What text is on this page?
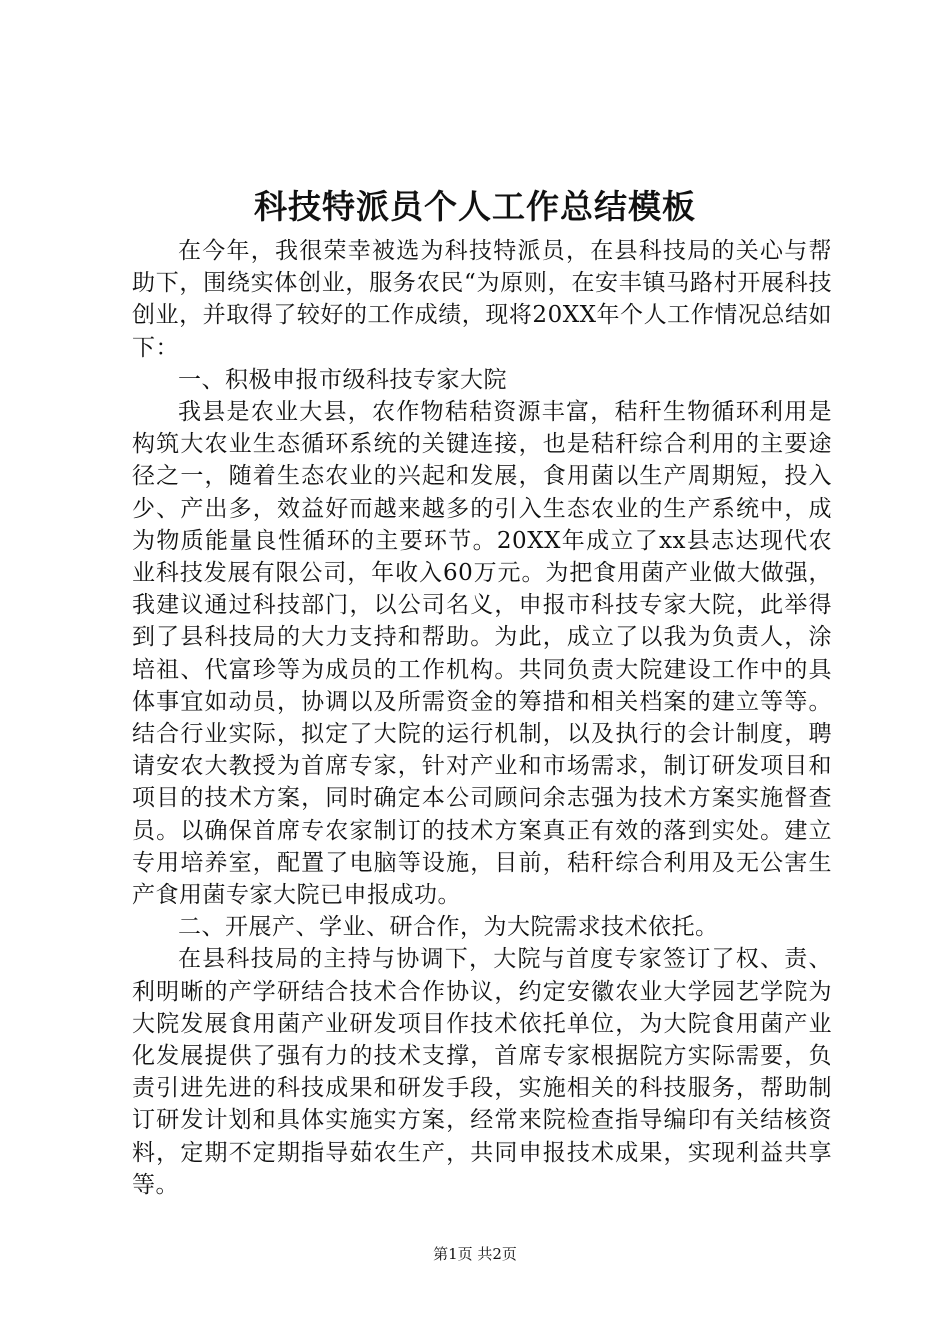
科技特派员个人工作总结模板

在今年，我很荣幸被选为科技特派员，在县科技局的关心与帮助下，围绕实体创业，服务农民“为原则，在安丰镇马路村开展科技创业，并取得了较好的工作成绩，现将20XX年个人工作情况总结如下：

一、积极申报市级科技专家大院

我县是农业大县，农作物秸秸资源丰富，秸秆生物循环利用是构筑大农业生态循环系统的关键连接，也是秸秆综合利用的主要途径之一，随着生态农业的兴起和发展，食用菌以生产周期短，投入少、产出多，效益好而越来越多的引入生态农业的生产系统中，成为物质能量良性循环的主要环节。20XX年成立了xx县志达现代农业科技发展有限公司，年收入60万元。为把食用菌产业做大做强，我建议通过科技部门，以公司名义，申报市科技专家大院，此举得到了县科技局的大力支持和帮助。为此，成立了以我为负责人，涂培祖、代富珍等为成员的工作机构。共同负责大院建设工作中的具体事宜如动员，协调以及所需资金的筹措和相关档案的建立等等。结合行业实际，拟定了大院的运行机制，以及执行的会计制度，聘请安农大教授为首席专家，针对产业和市场需求，制订研发项目和项目的技术方案，同时确定本公司顾问余志强为技术方案实施督查员。以确保首席专农家制订的技术方案真正有效的落到实处。建立专用培养室，配置了电脑等设施，目前，秸秆综合利用及无公害生产食用菌专家大院已申报成功。

二、开展产、学业、研合作，为大院需求技术依托。

在县科技局的主持与协调下，大院与首度专家签订了权、责、利明晰的产学研结合技术合作协议，约定安徽农业大学园艺学院为大院发展食用菌产业研发项目作技术依托单位，为大院食用菌产业化发展提供了强有力的技术支撑，首席专家根据院方实际需要，负责引进先进的科技成果和研发手段，实施相关的科技服务，帮助制订研发计划和具体实施实方案，经常来院检查指导编印有关结核资料，定期不定期指导茹农生产，共同申报技术成果，实现利益共享等。

第1页 共2页
